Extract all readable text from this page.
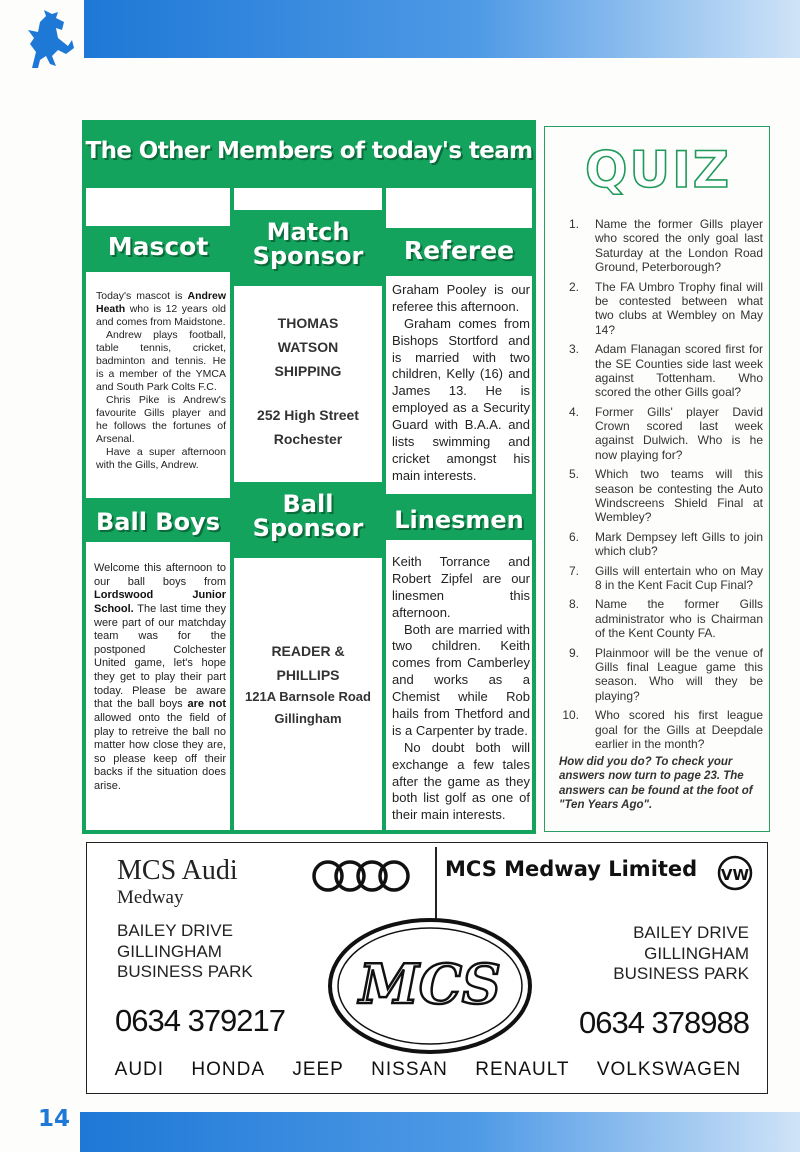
The Other Members of today's team
Mascot

Today's mascot is Andrew Heath who is 12 years old and comes from Maidstone.

Andrew plays football, table tennis, cricket, badminton and tennis. He is a member of the YMCA and South Park Colts F.C.

Chris Pike is Andrew's favourite Gills player and he follows the fortunes of Arsenal.

Have a super afternoon with the Gills, Andrew.

Match
Sponsor
THOMAS
WATSON
SHIPPING
252 High Street
Rochester
Referee

Graham Pooley is our referee this afternoon.

Graham comes from Bishops Stortford and is married with two children, Kelly (16) and James 13. He is employed as a Security Guard with B.A.A. and lists swimming and cricket amongst his main interests.

Ball Boys

Welcome this afternoon to our ball boys from Lordswood Junior School. The last time they were part of our matchday team was for the postponed Colchester United game, let's hope they get to play their part today. Please be aware that the ball boys are not allowed onto the field of play to retreive the ball no matter how close they are, so please keep off their backs if the situation does arise.

Ball
Sponsor
READER &
PHILLIPS
121A Barnsole Road
Gillingham
Linesmen

Keith Torrance and Robert Zipfel are our linesmen this afternoon.

Both are married with two children. Keith comes from Camberley and works as a Chemist while Rob hails from Thetford and is a Carpenter by trade.

No doubt both will exchange a few tales after the game as they both list golf as one of their main interests.

QUIZ
1. Name the former Gills player who scored the only goal last Saturday at the London Road Ground, Peterborough?
2. The FA Umbro Trophy final will be contested between what two clubs at Wembley on May 14?
3. Adam Flanagan scored first for the SE Counties side last week against Tottenham. Who scored the other Gills goal?
4. Former Gills' player David Crown scored last week against Dulwich. Who is he now playing for?
5. Which two teams will this season be contesting the Auto Windscreens Shield Final at Wembley?
6. Mark Dempsey left Gills to join which club?
7. Gills will entertain who on May 8 in the Kent Facit Cup Final?
8. Name the former Gills administrator who is Chairman of the Kent County FA.
9. Plainmoor will be the venue of Gills final League game this season. Who will they be playing?
10. Who scored his first league goal for the Gills at Deepdale earlier in the month?
How did you do? To check your answers now turn to page 23. The answers can be found at the foot of "Ten Years Ago".
MCS Audi
Medway
BAILEY DRIVE
GILLINGHAM
BUSINESS PARK
0634 379217
MCS Medway Limited VW
BAILEY DRIVE
GILLINGHAM
BUSINESS PARK
0634 378988
MCS
AUDI HONDA JEEP NISSAN RENAULT VOLKSWAGEN
14
